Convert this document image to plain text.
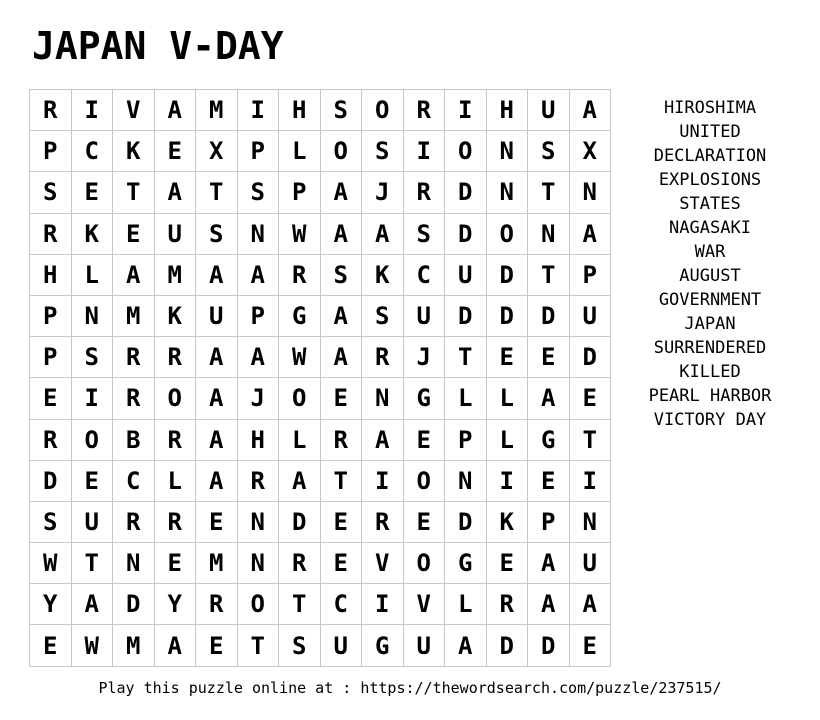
JAPAN V-DAY
R	I	V	A	M	I	H	S	O	R	I	H	U	A
P	C	K	E	X	P	L	O	S	I	O	N	S	X
S	E	T	A	T	S	P	A	J	R	D	N	T	N
R	K	E	U	S	N	W	A	A	S	D	O	N	A
H	L	A	M	A	A	R	S	K	C	U	D	T	P
P	N	M	K	U	P	G	A	S	U	D	D	D	U
P	S	R	R	A	A	W	A	R	J	T	E	E	D
E	I	R	O	A	J	O	E	N	G	L	L	A	E
R	O	B	R	A	H	L	R	A	E	P	L	G	T
D	E	C	L	A	R	A	T	I	O	N	I	E	I
S	U	R	R	E	N	D	E	R	E	D	K	P	N
W	T	N	E	M	N	R	E	V	O	G	E	A	U
Y	A	D	Y	R	O	T	C	I	V	L	R	A	A
E	W	M	A	E	T	S	U	G	U	A	D	D	E
HIROSHIMA
UNITED
DECLARATION
EXPLOSIONS
STATES
NAGASAKI
WAR
AUGUST
GOVERNMENT
JAPAN
SURRENDERED
KILLED
PEARL HARBOR
VICTORY DAY
Play this puzzle online at : https://thewordsearch.com/puzzle/237515/
